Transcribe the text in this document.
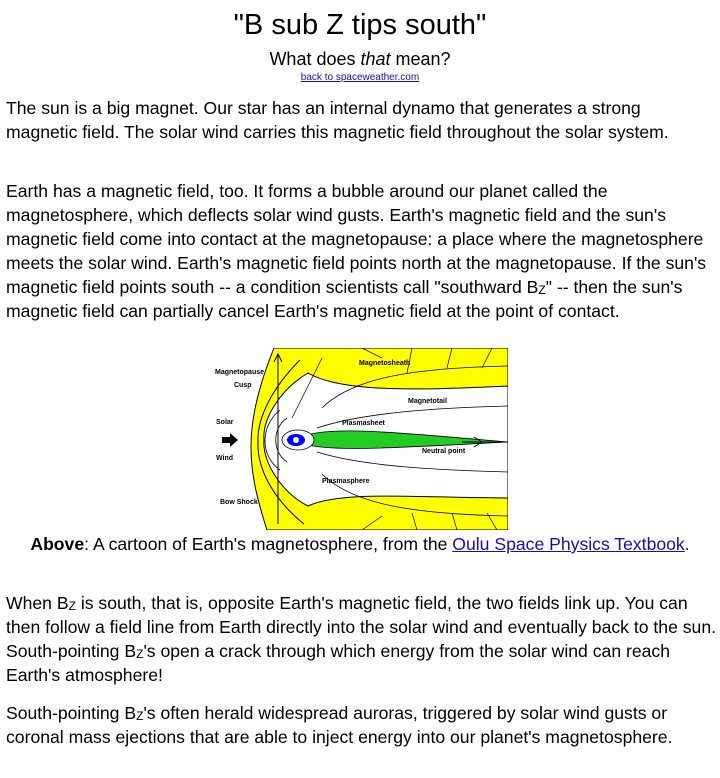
"B sub Z tips south"
What does that mean?
back to spaceweather.com

The sun is a big magnet. Our star has an internal dynamo that generates a strong magnetic field. The solar wind carries this magnetic field throughout the solar system.

Earth has a magnetic field, too. It forms a bubble around our planet called the magnetosphere, which deflects solar wind gusts. Earth's magnetic field and the sun's magnetic field come into contact at the magnetopause: a place where the magnetosphere meets the solar wind. Earth's magnetic field points north at the magnetopause. If the sun's magnetic field points south -- a condition scientists call "southward $B_Z$" -- then the sun's magnetic field can partially cancel Earth's magnetic field at the point of contact.

Magnetopause
Cusp
Magnetosheath
Magnetotail
Solar
Wind
Plasmasheet
Neutral point
Plasmasphere
Bow Shock
Above: A cartoon of Earth's magnetosphere, from the Oulu Space Physics Textbook.

When $B_Z$ is south, that is, opposite Earth's magnetic field, the two fields link up. You can then follow a field line from Earth directly into the solar wind and eventually back to the sun. South-pointing $B_Z's$ open a crack through which energy from the solar wind can reach Earth's atmosphere!

South-pointing $B_Z's$ often herald widespread auroras, triggered by solar wind gusts or coronal mass ejections that are able to inject energy into our planet's magnetosphere.
